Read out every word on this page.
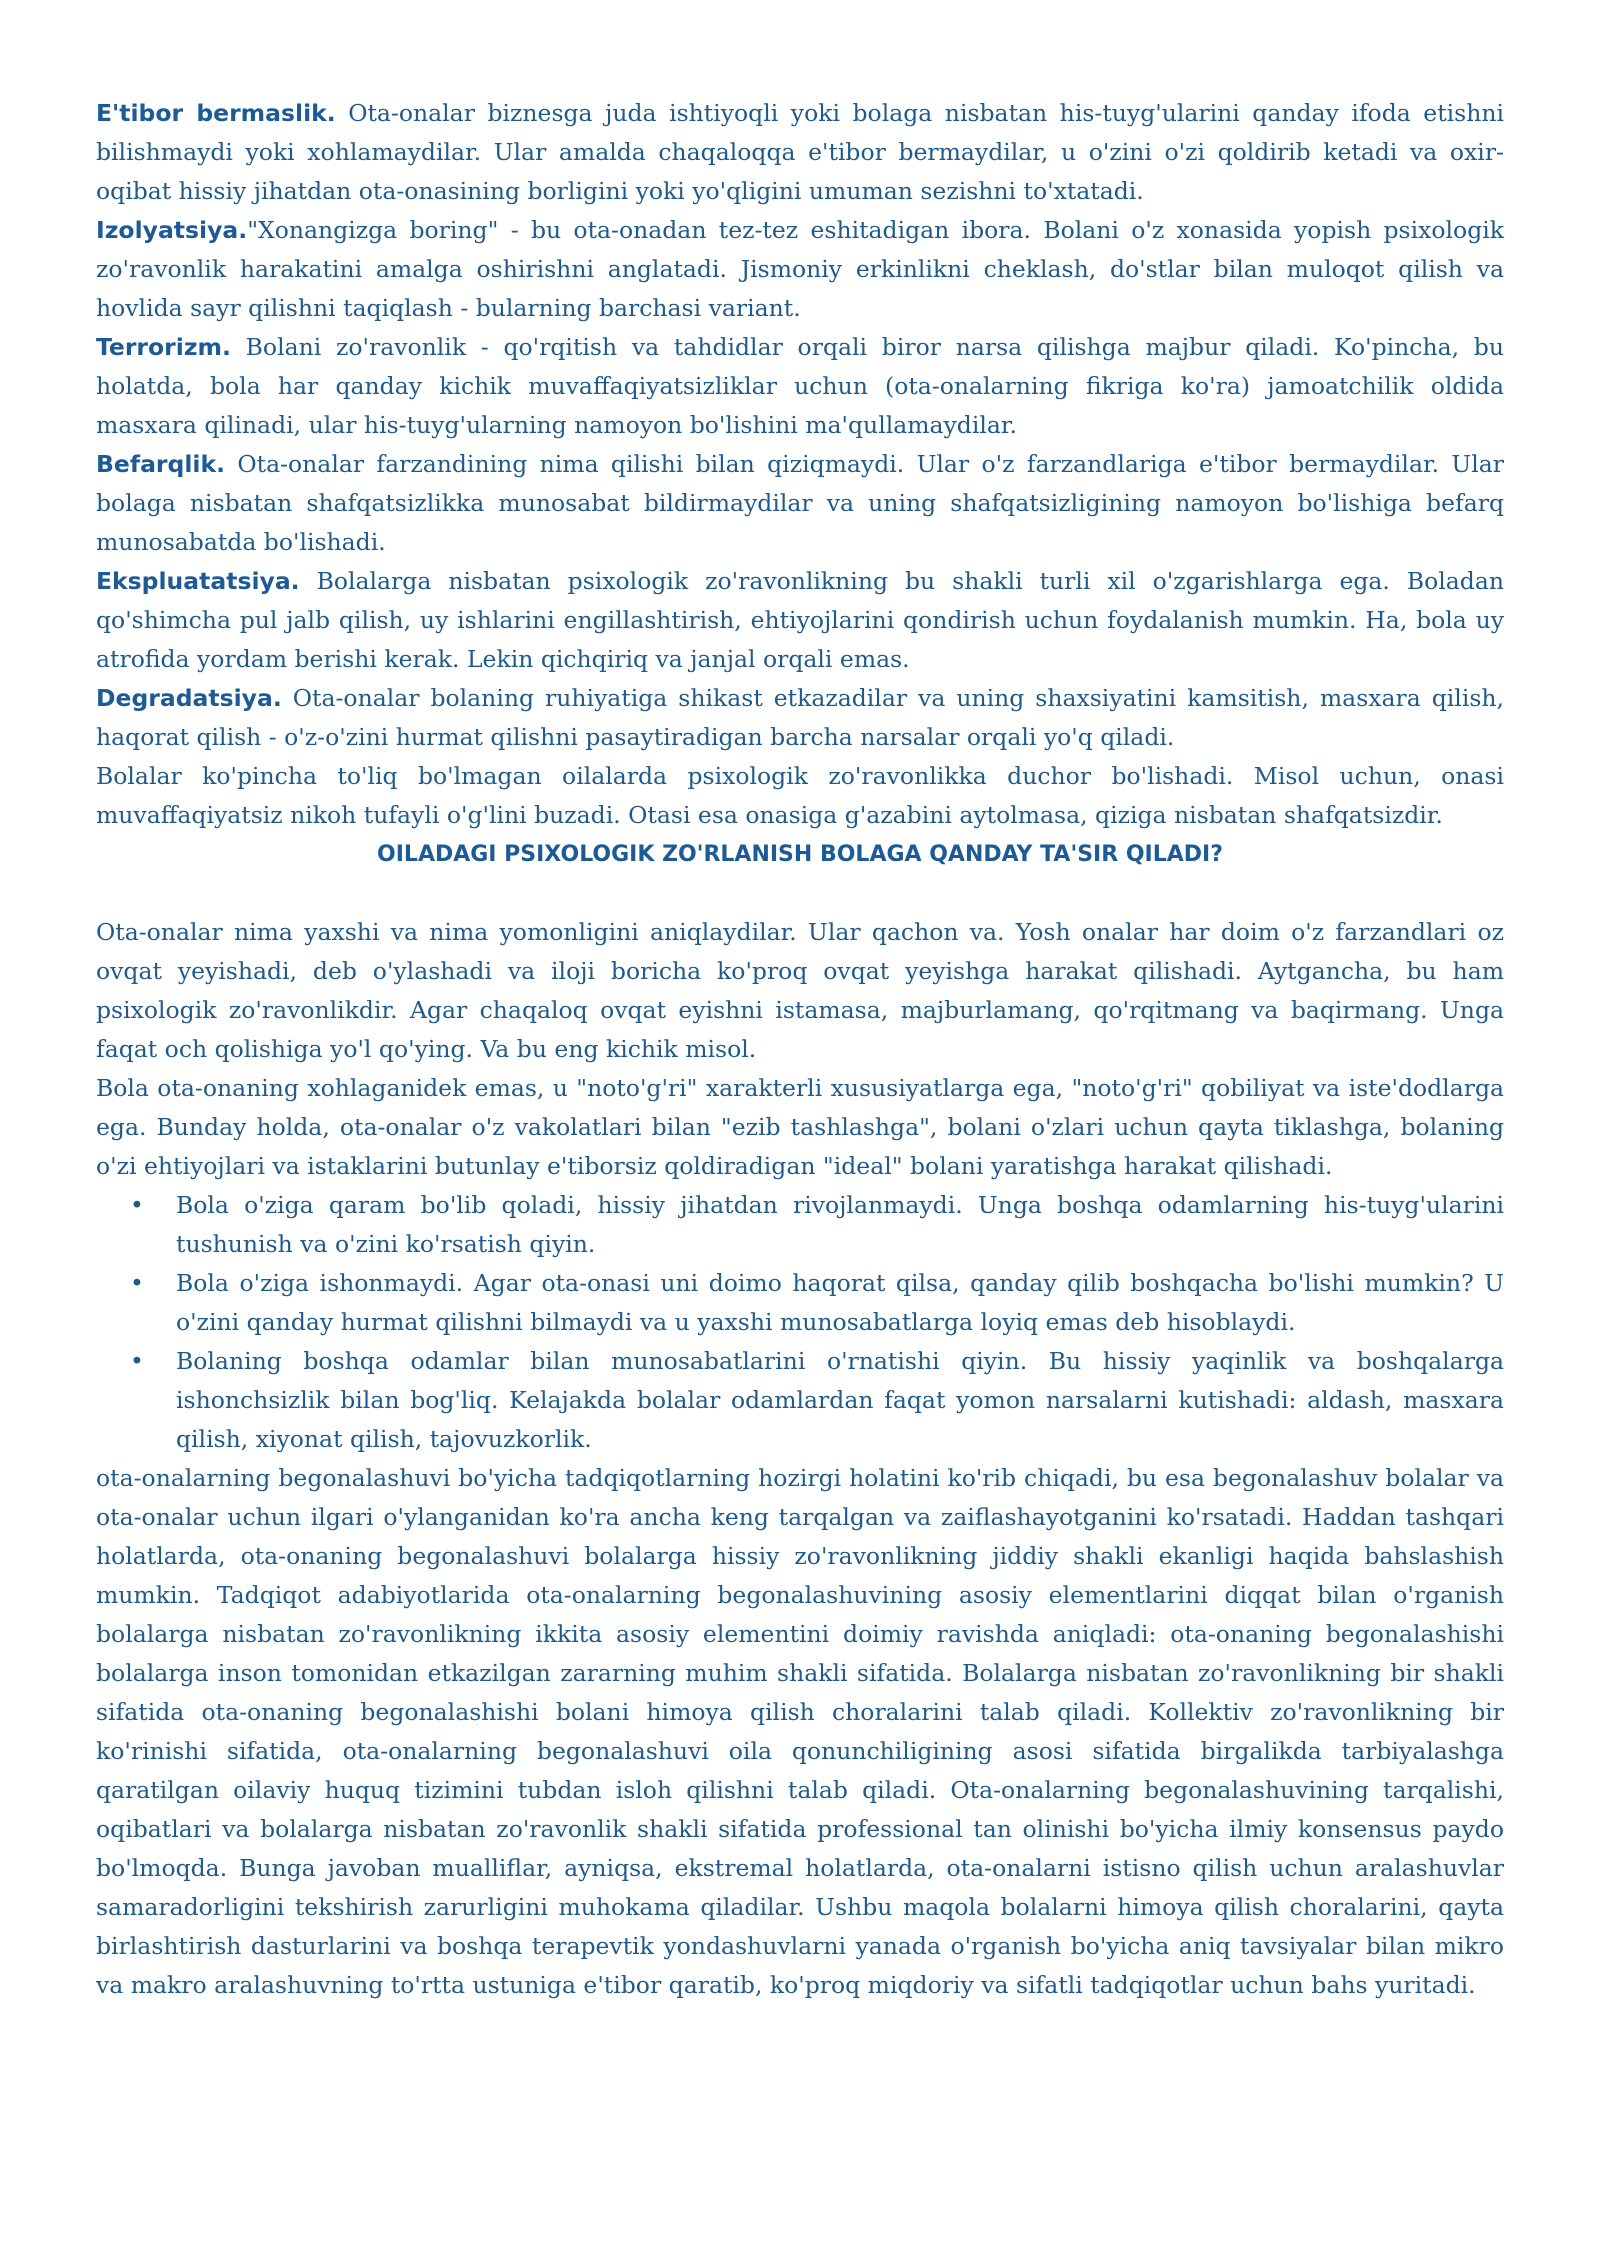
E'tibor bermaslik. Ota-onalar biznesga juda ishtiyoqli yoki bolaga nisbatan his-tuyg'ularini qanday ifoda etishni bilishmaydi yoki xohlamaydilar. Ular amalda chaqaloqqa e'tibor bermaydilar, u o'zini o'zi qoldirib ketadi va oxir-oqibat hissiy jihatdan ota-onasining borligini yoki yo'qligini umuman sezishni to'xtatadi.

Izolyatsiya."Xonangizga boring" - bu ota-onadan tez-tez eshitadigan ibora. Bolani o'z xonasida yopish psixologik zo'ravonlik harakatini amalga oshirishni anglatadi. Jismoniy erkinlikni cheklash, do'stlar bilan muloqot qilish va hovlida sayr qilishni taqiqlash - bularning barchasi variant.

Terrorizm. Bolani zo'ravonlik - qo'rqitish va tahdidlar orqali biror narsa qilishga majbur qiladi. Ko'pincha, bu holatda, bola har qanday kichik muvaffaqiyatsizliklar uchun (ota-onalarning fikriga ko'ra) jamoatchilik oldida masxara qilinadi, ular his-tuyg'ularning namoyon bo'lishini ma'qullamaydilar.

Befarqlik. Ota-onalar farzandining nima qilishi bilan qiziqmaydi. Ular o'z farzandlariga e'tibor bermaydilar. Ular bolaga nisbatan shafqatsizlikka munosabat bildirmaydilar va uning shafqatsizligining namoyon bo'lishiga befarq munosabatda bo'lishadi.

Ekspluatatsiya. Bolalarga nisbatan psixologik zo'ravonlikning bu shakli turli xil o'zgarishlarga ega. Boladan qo'shimcha pul jalb qilish, uy ishlarini engillashtirish, ehtiyojlarini qondirish uchun foydalanish mumkin. Ha, bola uy atrofida yordam berishi kerak. Lekin qichqiriq va janjal orqali emas.

Degradatsiya. Ota-onalar bolaning ruhiyatiga shikast etkazadilar va uning shaxsiyatini kamsitish, masxara qilish, haqorat qilish - o'z-o'zini hurmat qilishni pasaytiradigan barcha narsalar orqali yo'q qiladi.

Bolalar ko'pincha to'liq bo'lmagan oilalarda psixologik zo'ravonlikka duchor bo'lishadi. Misol uchun, onasi muvaffaqiyatsiz nikoh tufayli o'g'lini buzadi. Otasi esa onasiga g'azabini aytolmasa, qiziga nisbatan shafqatsizdir.

OILADAGI PSIXOLOGIK ZO'RLANISH BOLAGA QANDAY TA'SIR QILADI?

Ota-onalar nima yaxshi va nima yomonligini aniqlaydilar. Ular qachon va. Yosh onalar har doim o'z farzandlari oz ovqat yeyishadi, deb o'ylashadi va iloji boricha ko'proq ovqat yeyishga harakat qilishadi. Aytgancha, bu ham psixologik zo'ravonlikdir. Agar chaqaloq ovqat eyishni istamasa, majburlamang, qo'rqitmang va baqirmang. Unga faqat och qolishiga yo'l qo'ying. Va bu eng kichik misol.

Bola ota-onaning xohlaganidek emas, u "noto'g'ri" xarakterli xususiyatlarga ega, "noto'g'ri" qobiliyat va iste'dodlarga ega. Bunday holda, ota-onalar o'z vakolatlari bilan "ezib tashlashga", bolani o'zlari uchun qayta tiklashga, bolaning o'zi ehtiyojlari va istaklarini butunlay e'tiborsiz qoldiradigan "ideal" bolani yaratishga harakat qilishadi.

• Bola o'ziga qaram bo'lib qoladi, hissiy jihatdan rivojlanmaydi. Unga boshqa odamlarning his-tuyg'ularini tushunish va o'zini ko'rsatish qiyin.
• Bola o'ziga ishonmaydi. Agar ota-onasi uni doimo haqorat qilsa, qanday qilib boshqacha bo'lishi mumkin? U o'zini qanday hurmat qilishni bilmaydi va u yaxshi munosabatlarga loyiq emas deb hisoblaydi.
• Bolaning boshqa odamlar bilan munosabatlarini o'rnatishi qiyin. Bu hissiy yaqinlik va boshqalarga ishonchsizlik bilan bog'liq. Kelajakda bolalar odamlardan faqat yomon narsalarni kutishadi: aldash, masxara qilish, xiyonat qilish, tajovuzkorlik.

ota-onalarning begonalashuvi bo'yicha tadqiqotlarning hozirgi holatini ko'rib chiqadi, bu esa begonalashuv bolalar va ota-onalar uchun ilgari o'ylanganidan ko'ra ancha keng tarqalgan va zaiflashayotganini ko'rsatadi. Haddan tashqari holatlarda, ota-onaning begonalashuvi bolalarga hissiy zo'ravonlikning jiddiy shakli ekanligi haqida bahslashish mumkin. Tadqiqot adabiyotlarida ota-onalarning begonalashuvining asosiy elementlarini diqqat bilan o'rganish bolalarga nisbatan zo'ravonlikning ikkita asosiy elementini doimiy ravishda aniqladi: ota-onaning begonalashishi bolalarga inson tomonidan etkazilgan zararning muhim shakli sifatida. Bolalarga nisbatan zo'ravonlikning bir shakli sifatida ota-onaning begonalashishi bolani himoya qilish choralarini talab qiladi. Kollektiv zo'ravonlikning bir ko'rinishi sifatida, ota-onalarning begonalashuvi oila qonunchiligining asosi sifatida birgalikda tarbiyalashga qaratilgan oilaviy huquq tizimini tubdan isloh qilishni talab qiladi. Ota-onalarning begonalashuvining tarqalishi, oqibatlari va bolalarga nisbatan zo'ravonlik shakli sifatida professional tan olinishi bo'yicha ilmiy konsensus paydo bo'lmoqda. Bunga javoban mualliflar, ayniqsa, ekstremal holatlarda, ota-onalarni istisno qilish uchun aralashuvlar samaradorligini tekshirish zarurligini muhokama qiladilar. Ushbu maqola bolalarni himoya qilish choralarini, qayta birlashtirish dasturlarini va boshqa terapevtik yondashuvlarni yanada o'rganish bo'yicha aniq tavsiyalar bilan mikro va makro aralashuvning to'rtta ustuniga e'tibor qaratib, ko'proq miqdoriy va sifatli tadqiqotlar uchun bahs yuritadi.
